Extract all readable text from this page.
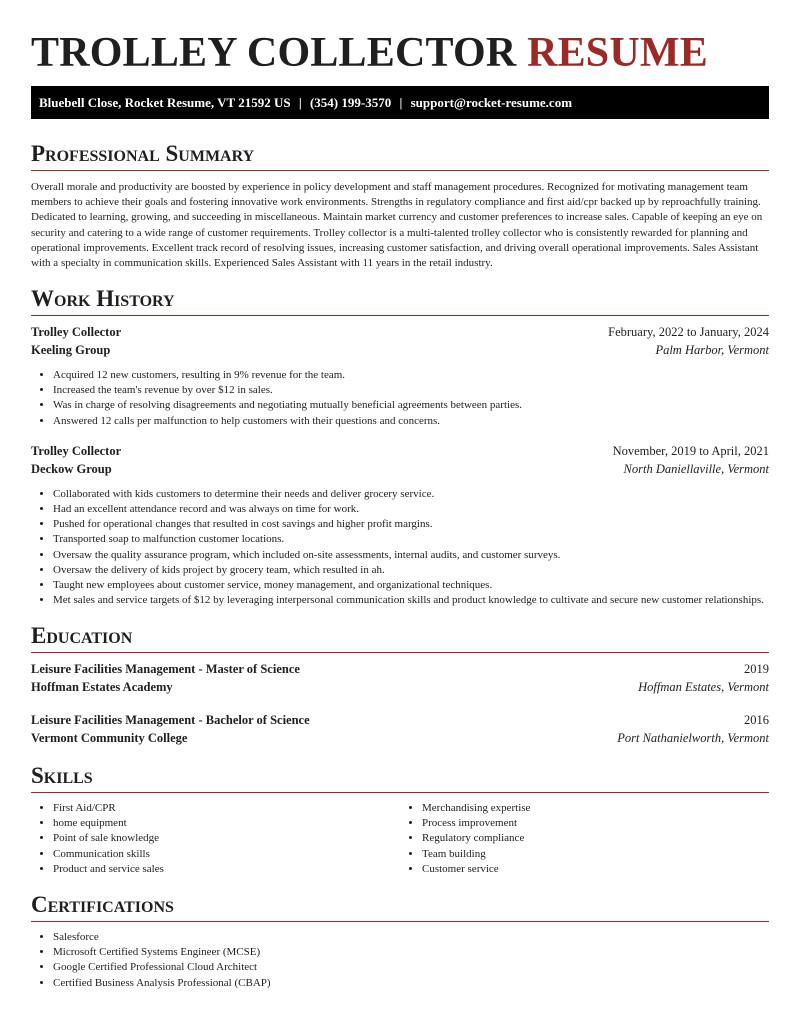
TROLLEY COLLECTOR RESUME
Bluebell Close, Rocket Resume, VT 21592 US | (354) 199-3570 | support@rocket-resume.com
Professional Summary

Overall morale and productivity are boosted by experience in policy development and staff management procedures. Recognized for motivating management team members to achieve their goals and fostering innovative work environments. Strengths in regulatory compliance and first aid/cpr backed up by reproachfully training. Dedicated to learning, growing, and succeeding in miscellaneous. Maintain market currency and customer preferences to increase sales. Capable of keeping an eye on security and catering to a wide range of customer requirements. Trolley collector is a multi-talented trolley collector who is consistently rewarded for planning and operational improvements. Excellent track record of resolving issues, increasing customer satisfaction, and driving overall operational improvements. Sales Assistant with a specialty in communication skills. Experienced Sales Assistant with 11 years in the retail industry.

Work History
Trolley Collector	February, 2022 to January, 2024
Keeling Group	Palm Harbor, Vermont
• Acquired 12 new customers, resulting in 9% revenue for the team.
• Increased the team's revenue by over $12 in sales.
• Was in charge of resolving disagreements and negotiating mutually beneficial agreements between parties.
• Answered 12 calls per malfunction to help customers with their questions and concerns.
Trolley Collector	November, 2019 to April, 2021
Deckow Group	North Daniellaville, Vermont
• Collaborated with kids customers to determine their needs and deliver grocery service.
• Had an excellent attendance record and was always on time for work.
• Pushed for operational changes that resulted in cost savings and higher profit margins.
• Transported soap to malfunction customer locations.
• Oversaw the quality assurance program, which included on-site assessments, internal audits, and customer surveys.
• Oversaw the delivery of kids project by grocery team, which resulted in ah.
• Taught new employees about customer service, money management, and organizational techniques.
• Met sales and service targets of $12 by leveraging interpersonal communication skills and product knowledge to cultivate and secure new customer relationships.
Education
Leisure Facilities Management - Master of Science	2019
Hoffman Estates Academy	Hoffman Estates, Vermont
Leisure Facilities Management - Bachelor of Science	2016
Vermont Community College	Port Nathanielworth, Vermont
Skills
• First Aid/CPR
• home equipment
• Point of sale knowledge
• Communication skills
• Product and service sales
• Merchandising expertise
• Process improvement
• Regulatory compliance
• Team building
• Customer service
Certifications
• Salesforce
• Microsoft Certified Systems Engineer (MCSE)
• Google Certified Professional Cloud Architect
• Certified Business Analysis Professional (CBAP)
